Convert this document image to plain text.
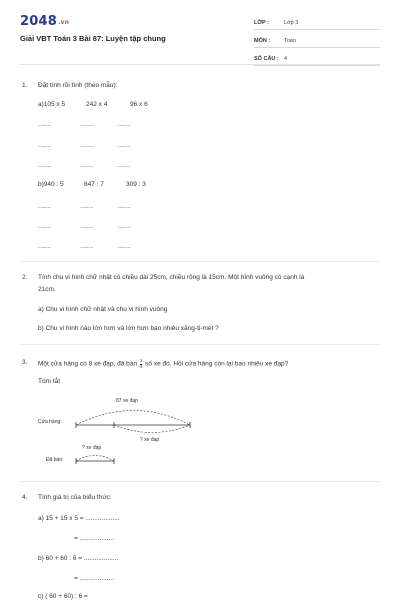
2048.vn
Giải VBT Toán 3 Bài 87: Luyện tập chung
LỚP :	Lớp 3
MÔN :	Toán
SỐ CÂU : 4
1. Đặt tính rồi tính (theo mẫu):
a)105 x 5	242 x 4	96 x 6
...........	...........	...........
...........	...........	...........
...........	...........	...........
b)940 : 5	847 : 7	309 : 3
...........	...........	...........
...........	...........	...........
...........	...........	...........
2. Tính chu vi hình chữ nhật có chiều dài 25cm, chiều rộng là 15cm. Một hình vuông có cạnh là
21cm.
a) Chu vi hình chữ nhật và chu vi hình vuông
b) Chu vi hình nào lớn hơn và lớn hơn bao nhiêu xăng-ti-mét ?
3. Một cửa hàng có 8 xe đạp, đã bán $\frac{1}{4}$ số xe đó. Hỏi cửa hàng còn lại bao nhiêu xe đạp?
Tóm tắt
87 xe đạp
Cửa hàng:
? xe đạp
? xe đạp
Đã bán:
4. Tính giá trị của biểu thức:
a) 15 + 15 x 5 = ...................
= ...................
b) 60 + 60 : 6 = ...................
= ...................
c) ( 60 + 60) : 6 =
